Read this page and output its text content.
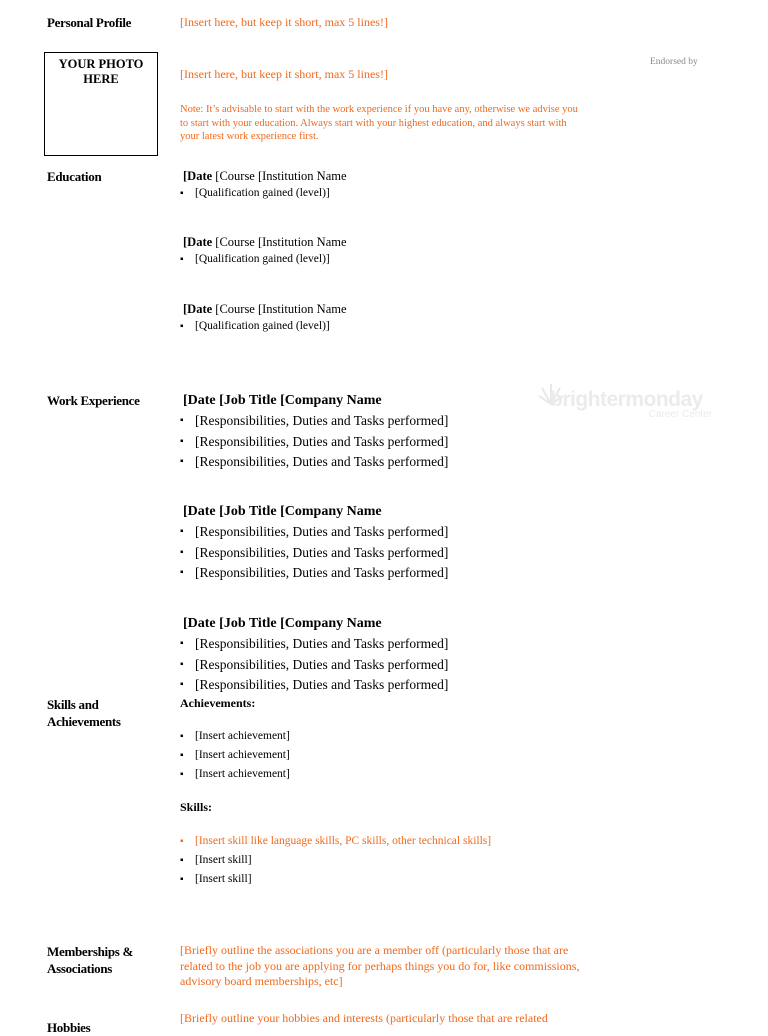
Personal Profile
Education
Work Experience
Skills and Achievements
Memberships & Associations
Hobbies
[Insert here, but keep it short, max 5 lines!]
YOUR PHOTO
HERE	[Insert here, but keep it short, max 5 lines!]
Note: It’s advisable to start with the work experience if you have any, otherwise we advise you to start with your education. Always start with your highest education, and always start with your latest work experience first.
Endorsed by
brightermonday
Career Center
[Date [Course [Institution Name
▪ [Qualification gained (level)]
[Date [Course [Institution Name
▪ [Qualification gained (level)]
[Date [Course [Institution Name
▪ [Qualification gained (level)]
[Date [Job Title [Company Name
▪ [Responsibilities, Duties and Tasks performed]
▪ [Responsibilities, Duties and Tasks performed]
▪ [Responsibilities, Duties and Tasks performed]
[Date [Job Title [Company Name
▪ [Responsibilities, Duties and Tasks performed]
▪ [Responsibilities, Duties and Tasks performed]
▪ [Responsibilities, Duties and Tasks performed]
[Date [Job Title [Company Name
▪ [Responsibilities, Duties and Tasks performed]
▪ [Responsibilities, Duties and Tasks performed]
▪ [Responsibilities, Duties and Tasks performed]
Achievements:
▪ [Insert achievement]
▪ [Insert achievement]
▪ [Insert achievement]
Skills:
▪ [Insert skill like language skills, PC skills, other technical skills]
▪ [Insert skill]
▪ [Insert skill]
[Briefly outline the associations you are a member off (particularly those that are related to the job you are applying for perhaps things you do for, like commissions, advisory board memberships, etc]
[Briefly outline your hobbies and interests (particularly those that are related
